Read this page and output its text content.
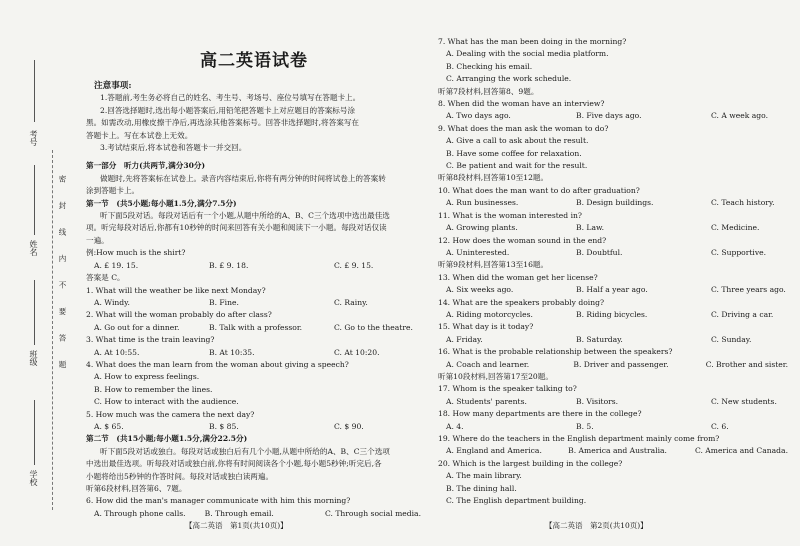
考号
姓名
班级
学校
密封线内不要答题
高二英语试卷
注意事项:
1.答题前,考生务必将自己的姓名、考生号、考场号、座位号填写在答题卡上。
2.回答选择题时,选出每小题答案后,用铅笔把答题卡上对应题目的答案标号涂
黑。如需改动,用橡皮擦干净后,再选涂其他答案标号。回答非选择题时,将答案写在
答题卡上。写在本试卷上无效。
3.考试结束后,将本试卷和答题卡一并交回。
第一部分　听力(共两节,满分30分)
做题时,先将答案标在试卷上。录音内容结束后,你将有两分钟的时间将试卷上的答案转
涂到答题卡上。
第一节　(共5小题;每小题1.5分,满分7.5分)
听下面5段对话。每段对话后有一个小题,从题中所给的A、B、C三个选项中选出最佳选
项。听完每段对话后,你都有10秒钟的时间来回答有关小题和阅读下一小题。每段对话仅读
一遍。
例:How much is the shirt?
A. £ 19. 15.	B. £ 9. 18.	C. £ 9. 15.
答案是 C。
1. What will the weather be like next Monday?
A. Windy.	B. Fine.	C. Rainy.
2. What will the woman probably do after class?
A. Go out for a dinner.	B. Talk with a professor.	C. Go to the theatre.
3. What time is the train leaving?
A. At 10:55.	B. At 10:35.	C. At 10:20.
4. What does the man learn from the woman about giving a speech?
A. How to express feelings.
B. How to remember the lines.
C. How to interact with the audience.
5. How much was the camera the next day?
A. $ 65.	B. $ 85.	C. $ 90.
第二节　(共15小题;每小题1.5分,满分22.5分)
听下面5段对话或独白。每段对话或独白后有几个小题,从题中所给的A、B、C三个选项
中选出最佳选项。听每段对话或独白前,你将有时间阅读各个小题,每小题5秒钟;听完后,各
小题将给出5秒钟的作答时间。每段对话或独白读两遍。
听第6段材料,回答第6、7题。
6. How did the man's manager communicate with him this morning?
A. Through phone calls.	B. Through email.	C. Through social media.
7. What has the man been doing in the morning?
A. Dealing with the social media platform.
B. Checking his email.
C. Arranging the work schedule.
听第7段材料,回答第8、9题。
8. When did the woman have an interview?
A. Two days ago.	B. Five days ago.	C. A week ago.
9. What does the man ask the woman to do?
A. Give a call to ask about the result.
B. Have some coffee for relaxation.
C. Be patient and wait for the result.
听第8段材料,回答第10至12题。
10. What does the man want to do after graduation?
A. Run businesses.	B. Design buildings.	C. Teach history.
11. What is the woman interested in?
A. Growing plants.	B. Law.	C. Medicine.
12. How does the woman sound in the end?
A. Uninterested.	B. Doubtful.	C. Supportive.
听第9段材料,回答第13至16题。
13. When did the woman get her license?
A. Six weeks ago.	B. Half a year ago.	C. Three years ago.
14. What are the speakers probably doing?
A. Riding motorcycles.	B. Riding bicycles.	C. Driving a car.
15. What day is it today?
A. Friday.	B. Saturday.	C. Sunday.
16. What is the probable relationship between the speakers?
A. Coach and learner.	B. Driver and passenger.	C. Brother and sister.
听第10段材料,回答第17至20题。
17. Whom is the speaker talking to?
A. Students' parents.	B. Visitors.	C. New students.
18. How many departments are there in the college?
A. 4.	B. 5.	C. 6.
19. Where do the teachers in the English department mainly come from?
A. England and America.	B. America and Australia.	C. America and Canada.
20. Which is the largest building in the college?
A. The main library.
B. The dining hall.
C. The English department building.
【高二英语　第1页(共10页)】	【高二英语　第2页(共10页)】
